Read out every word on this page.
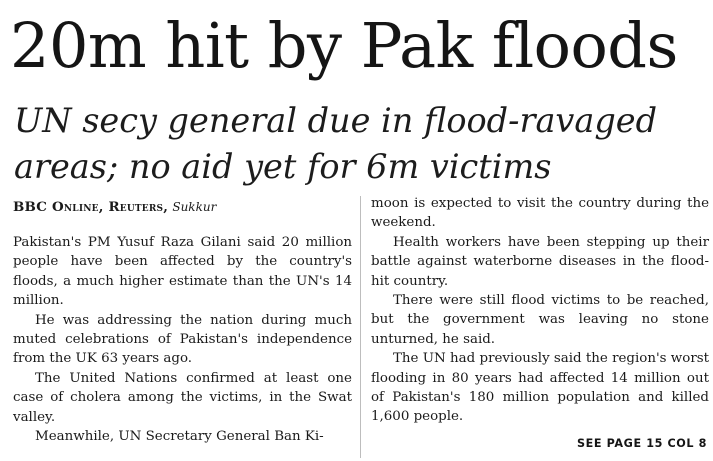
20m hit by Pak floods
UN secy general due in flood-ravaged areas; no aid yet for 6m victims
BBC Online, Reuters, Sukkur

Pakistan's PM Yusuf Raza Gilani said 20 million people have been affected by the country's floods, a much higher estimate than the UN's 14 million.

He was addressing the nation during much muted celebrations of Pakistan's independence from the UK 63 years ago.

The United Nations confirmed at least one case of cholera among the victims, in the Swat valley.

Meanwhile, UN Secretary General Ban Ki-

moon is expected to visit the country during the weekend.

Health workers have been stepping up their battle against waterborne diseases in the flood-hit country.

There were still flood victims to be reached, but the government was leaving no stone unturned, he said.

The UN had previously said the region's worst flooding in 80 years had affected 14 million out of Pakistan's 180 million population and killed 1,600 people.

SEE PAGE 15 COL 8
